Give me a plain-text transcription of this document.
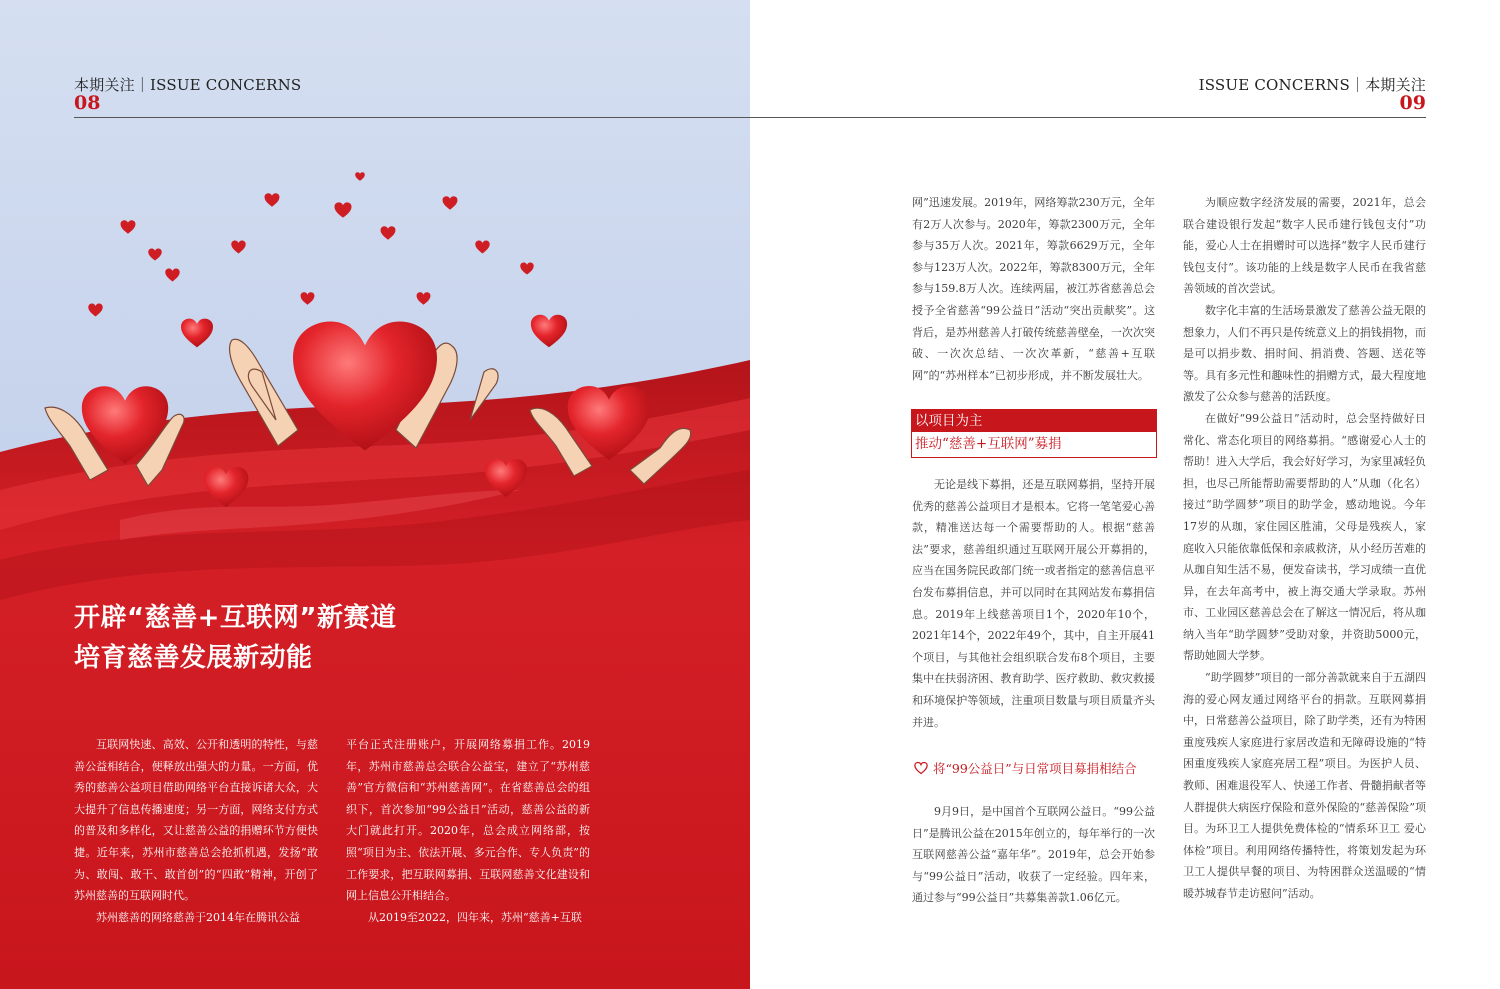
本期关注｜ISSUE CONCERNS
08
开辟“慈善+互联网”新赛道
培育慈善发展新动能

互联网快速、高效、公开和透明的特性，与慈善公益相结合，便释放出强大的力量。一方面，优秀的慈善公益项目借助网络平台直接诉诸大众，大大提升了信息传播速度；另一方面，网络支付方式的普及和多样化，又让慈善公益的捐赠环节方便快捷。近年来，苏州市慈善总会抢抓机遇，发扬“敢为、敢闯、敢干、敢首创”的“四敢”精神，开创了苏州慈善的互联网时代。

苏州慈善的网络慈善于2014年在腾讯公益

平台正式注册账户，开展网络募捐工作。2019年，苏州市慈善总会联合公益宝，建立了“苏州慈善”官方微信和“苏州慈善网”。在省慈善总会的组织下，首次参加“99公益日”活动，慈善公益的新大门就此打开。2020年，总会成立网络部，按照“项目为主、依法开展、多元合作、专人负责”的工作要求，把互联网募捐、互联网慈善文化建设和网上信息公开相结合。

从2019至2022，四年来，苏州“慈善+互联

ISSUE CONCERNS｜本期关注
09

网”迅速发展。2019年，网络筹款230万元，全年有2万人次参与。2020年，筹款2300万元，全年参与35万人次。2021年，筹款6629万元，全年参与123万人次。2022年，筹款8300万元，全年参与159.8万人次。连续两届，被江苏省慈善总会授予全省慈善“99公益日”活动“突出贡献奖”。这背后，是苏州慈善人打破传统慈善壁垒，一次次突破、一次次总结、一次次革新，“慈善+互联网”的“苏州样本”已初步形成，并不断发展壮大。

以项目为主
推动“慈善+互联网”募捐

无论是线下募捐，还是互联网募捐，坚持开展优秀的慈善公益项目才是根本。它将一笔笔爱心善款，精准送达每一个需要帮助的人。根据“慈善法”要求，慈善组织通过互联网开展公开募捐的，应当在国务院民政部门统一或者指定的慈善信息平台发布募捐信息，并可以同时在其网站发布募捐信息。2019年上线慈善项目1个，2020年10个，2021年14个，2022年49个，其中，自主开展41个项目，与其他社会组织联合发布8个项目，主要集中在扶弱济困、教育助学、医疗救助、救灾救援和环境保护等领域，注重项目数量与项目质量齐头并进。

将“99公益日”与日常项目募捐相结合

9月9日，是中国首个互联网公益日。“99公益日”是腾讯公益在2015年创立的，每年举行的一次互联网慈善公益“嘉年华”。2019年，总会开始参与“99公益日”活动，收获了一定经验。四年来，通过参与“99公益日”共募集善款1.06亿元。

为顺应数字经济发展的需要，2021年，总会联合建设银行发起“数字人民币建行钱包支付”功能，爱心人士在捐赠时可以选择“数字人民币建行钱包支付”。该功能的上线是数字人民币在我省慈善领域的首次尝试。

数字化丰富的生活场景激发了慈善公益无限的想象力，人们不再只是传统意义上的捐钱捐物，而是可以捐步数、捐时间、捐消费、答题、送花等等。具有多元性和趣味性的捐赠方式，最大程度地激发了公众参与慈善的活跃度。

在做好“99公益日”活动时，总会坚持做好日常化、常态化项目的网络募捐。“感谢爱心人士的帮助！进入大学后，我会好好学习，为家里减轻负担，也尽己所能帮助需要帮助的人”从珈（化名）接过“助学圆梦”项目的助学金，感动地说。今年17岁的从珈，家住园区胜浦，父母是残疾人，家庭收入只能依靠低保和亲戚救济，从小经历苦难的从珈自知生活不易，便发奋读书，学习成绩一直优异，在去年高考中，被上海交通大学录取。苏州市、工业园区慈善总会在了解这一情况后，将从珈纳入当年“助学圆梦”受助对象，并资助5000元，帮助她圆大学梦。

“助学圆梦”项目的一部分善款就来自于五湖四海的爱心网友通过网络平台的捐款。互联网募捐中，日常慈善公益项目，除了助学类，还有为特困重度残疾人家庭进行家居改造和无障碍设施的“特困重度残疾人家庭亮居工程”项目。为医护人员、教师、困难退役军人、快递工作者、骨髓捐献者等人群提供大病医疗保险和意外保险的“慈善保险”项目。为环卫工人提供免费体检的“情系环卫工 爱心体检”项目。利用网络传播特性，将策划发起为环卫工人提供早餐的项目、为特困群众送温暖的“情暖苏城春节走访慰问”活动。
